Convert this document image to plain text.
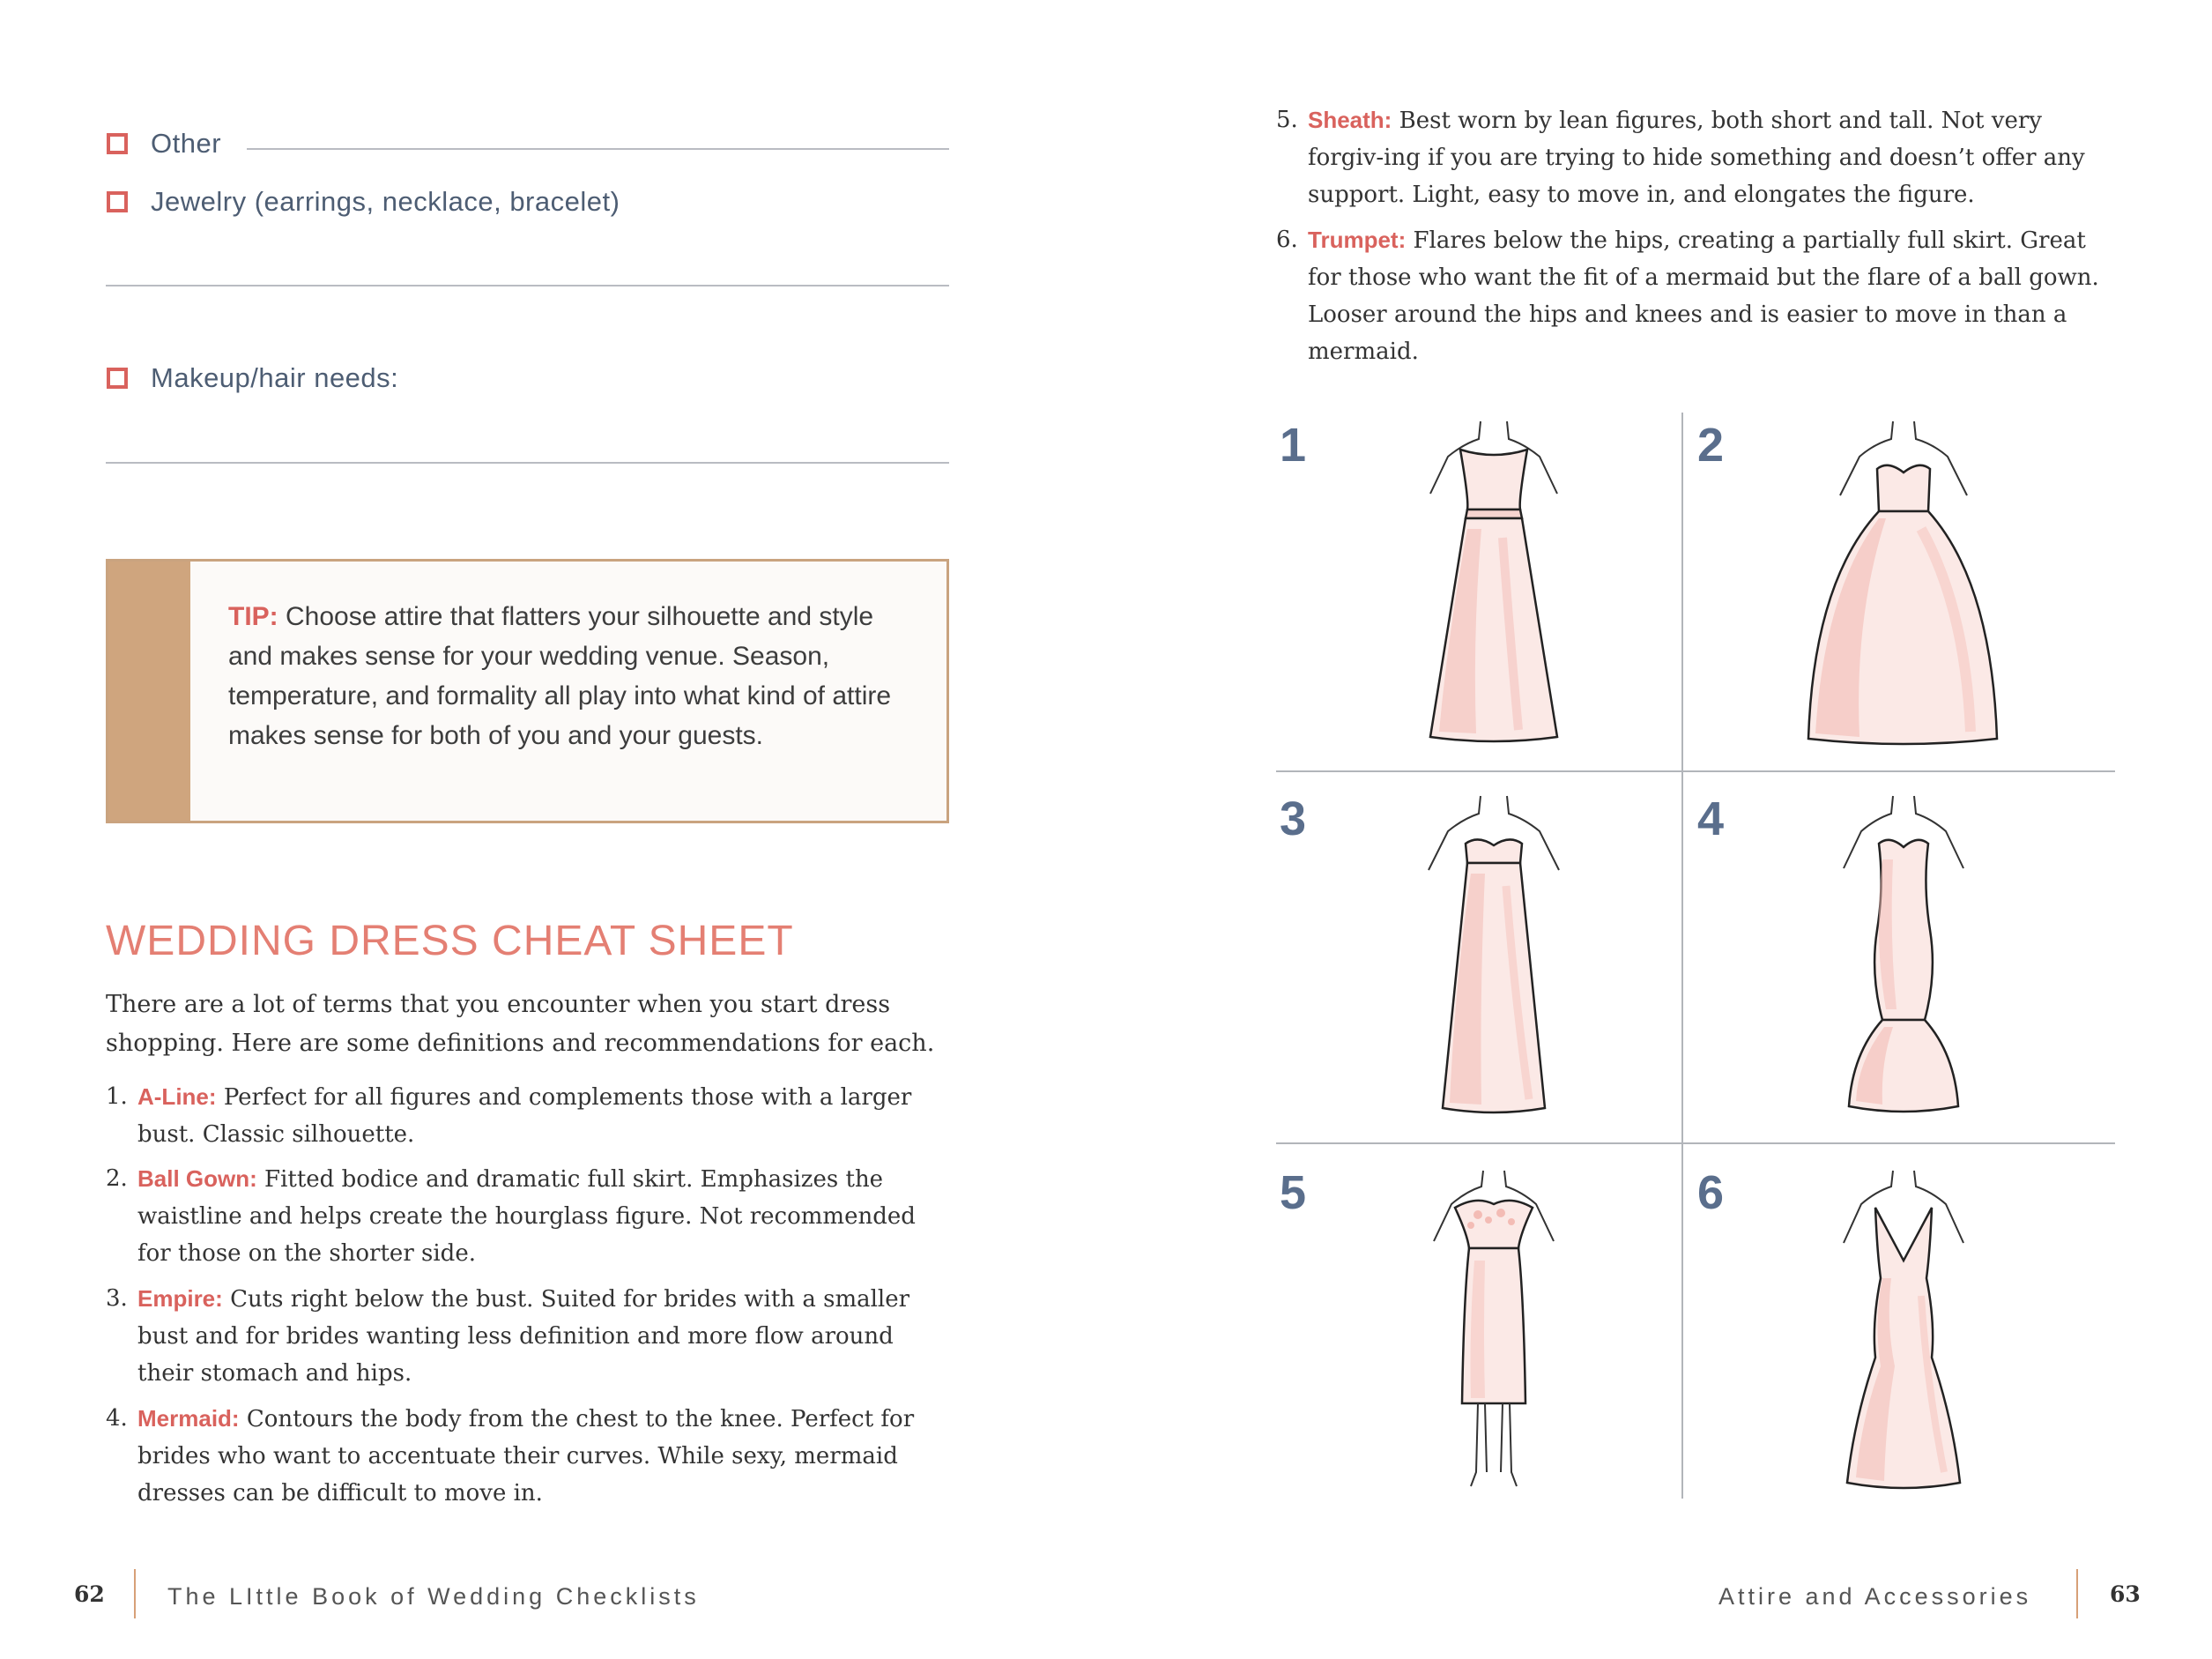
Other
Jewelry (earrings, necklace, bracelet)
Makeup/hair needs:
TIP: Choose attire that flatters your silhouette and style and makes sense for your wedding venue. Season, temperature, and formality all play into what kind of attire makes sense for both of you and your guests.
WEDDING DRESS CHEAT SHEET
There are a lot of terms that you encounter when you start dress shopping. Here are some definitions and recommendations for each.
1. A-Line: Perfect for all figures and complements those with a larger bust. Classic silhouette.
2. Ball Gown: Fitted bodice and dramatic full skirt. Emphasizes the waistline and helps create the hourglass figure. Not recommended for those on the shorter side.
3. Empire: Cuts right below the bust. Suited for brides with a smaller bust and for brides wanting less definition and more flow around their stomach and hips.
4. Mermaid: Contours the body from the chest to the knee. Perfect for brides who want to accentuate their curves. While sexy, mermaid dresses can be difficult to move in.
62	The LIttle Book of Wedding Checklists
5. Sheath: Best worn by lean figures, both short and tall. Not very forgiv-ing if you are trying to hide something and doesn’t offer any support. Light, easy to move in, and elongates the figure.
6. Trumpet: Flares below the hips, creating a partially full skirt. Great for those who want the fit of a mermaid but the flare of a ball gown. Looser around the hips and knees and is easier to move in than a mermaid.
1	2
3	4
5	6
Attire and Accessories	63
